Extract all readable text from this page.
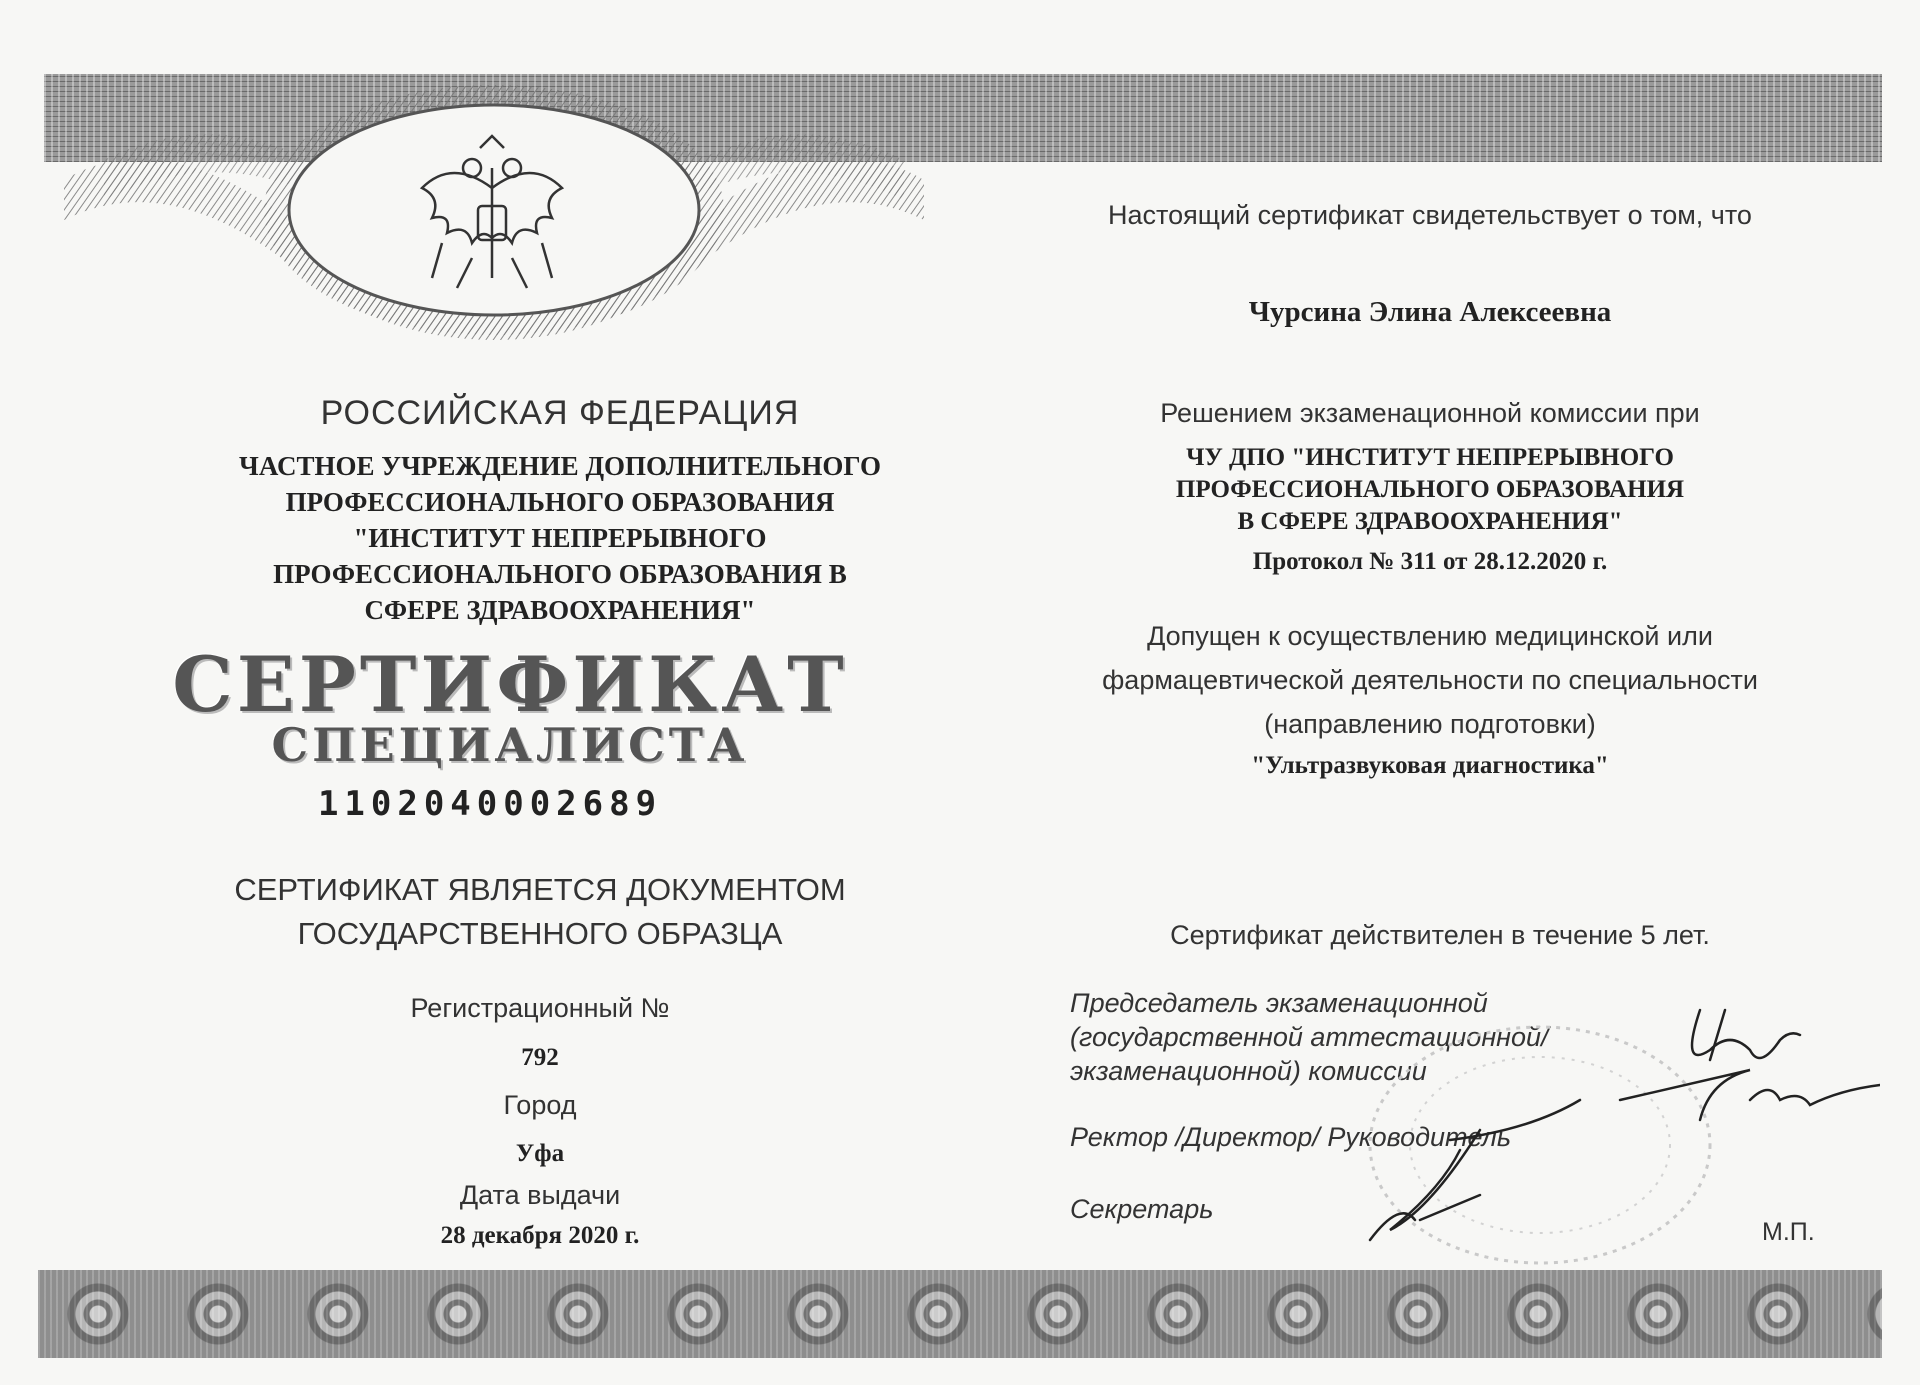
РОССИЙСКАЯ ФЕДЕРАЦИЯ
ЧАСТНОЕ УЧРЕЖДЕНИЕ ДОПОЛНИТЕЛЬНОГО
ПРОФЕССИОНАЛЬНОГО ОБРАЗОВАНИЯ
"ИНСТИТУТ НЕПРЕРЫВНОГО
ПРОФЕССИОНАЛЬНОГО ОБРАЗОВАНИЯ В
СФЕРЕ ЗДРАВООХРАНЕНИЯ"
СЕРТИФИКАТ
СПЕЦИАЛИСТА
1102040002689
СЕРТИФИКАТ ЯВЛЯЕТСЯ ДОКУМЕНТОМ
ГОСУДАРСТВЕННОГО ОБРАЗЦА
Регистрационный №
792
Город
Уфа
Дата выдачи
28 декабря 2020 г.
Настоящий сертификат свидетельствует о том, что
Чурсина Элина Алексеевна
Решением экзаменационной комиссии при
ЧУ ДПО "ИНСТИТУТ НЕПРЕРЫВНОГО
ПРОФЕССИОНАЛЬНОГО ОБРАЗОВАНИЯ
В СФЕРЕ ЗДРАВООХРАНЕНИЯ"
Протокол № 311 от 28.12.2020 г.
Допущен к осуществлению медицинской или
фармацевтической деятельности по специальности
(направлению подготовки)
"Ультразвуковая диагностика"
Сертификат действителен в течение 5 лет.
Председатель экзаменационной
(государственной аттестационной/
экзаменационной) комиссии
Ректор /Директор/ Руководитель
Секретарь
М.П.
